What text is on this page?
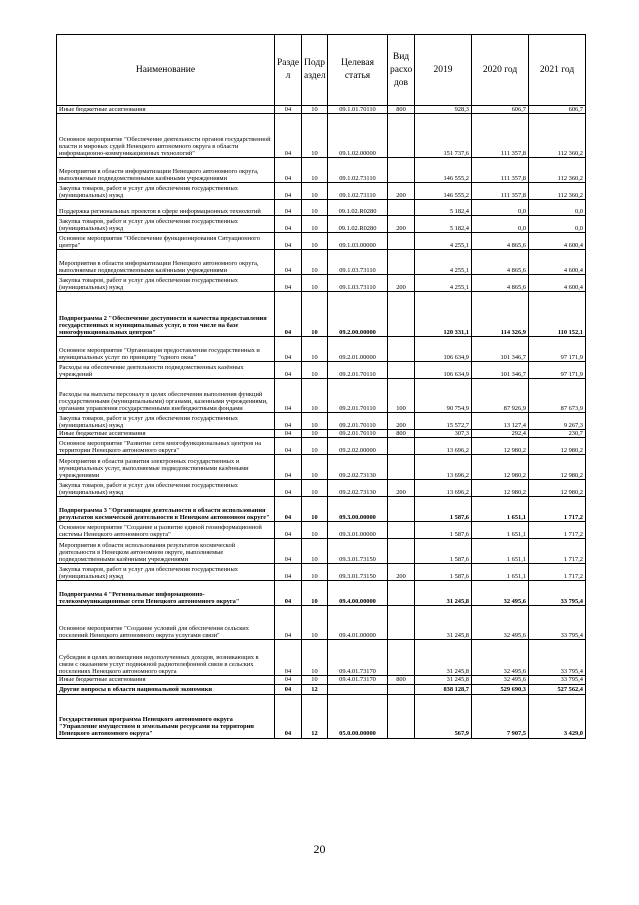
Наименование	Разде л	Подр аздел	Целевая статья	Вид расхо дов	2019	2020 год	2021 год
Иные бюджетные ассигнования	04	10	09.1.01.70110	800	928,3	606,7	606,7
Основное мероприятие "Обеспечение деятельности органов государственной власти и мировых судей Ненецкого автономного округа в области информационно-коммуникационных технологий"	04	10	09.1.02.00000		151 737,6	111 357,8	112 360,2
Мероприятия в области информатизации Ненецкого автономного округа, выполняемые подведомственными казёнными учреждениями	04	10	09.1.02.73110		146 555,2	111 357,8	112 360,2
Закупка товаров, работ и услуг для обеспечения государственных (муниципальных) нужд	04	10	09.1.02.73110	200	146 555,2	111 357,8	112 360,2
Поддержка региональных проектов в сфере информационных технологий	04	10	09.1.02.R0280		5 182,4	0,0	0,0
Закупка товаров, работ и услуг для обеспечения государственных (муниципальных) нужд	04	10	09.1.02.R0280	200	5 182,4	0,0	0,0
Основное мероприятие "Обеспечение функционирования Ситуационного центра"	04	10	09.1.03.00000		4 255,1	4 865,6	4 600,4
Мероприятия в области информатизации Ненецкого автономного округа, выполняемые подведомственными казёнными учреждениями	04	10	09.1.03.73110		4 255,1	4 865,6	4 600,4
Закупка товаров, работ и услуг для обеспечения государственных (муниципальных) нужд	04	10	09.1.03.73110	200	4 255,1	4 865,6	4 600,4
Подпрограмма 2 "Обеспечение доступности и качества предоставления государственных и муниципальных услуг, в том числе на базе многофункциональных центров"	04	10	09.2.00.00000		120 331,1	114 326,9	110 152,1
Основное мероприятие "Организация предоставления государственных и муниципальных услуг по принципу "одного окна"	04	10	09.2.01.00000		106 634,9	101 346,7	97 171,9
Расходы на обеспечение деятельности подведомственных казённых учреждений	04	10	09.2.01.70110		106 634,9	101 346,7	97 171,9
Расходы на выплаты персоналу в целях обеспечения выполнения функций государственными (муниципальными) органами, казенными учреждениями, органами управления государственными внебюджетными фондами	04	10	09.2.01.70110	100	90 754,9	87 926,9	87 673,9
Закупка товаров, работ и услуг для обеспечения государственных (муниципальных) нужд	04	10	09.2.01.70110	200	15 572,7	13 127,4	9 267,3
Иные бюджетные ассигнования	04	10	09.2.01.70110	800	307,3	292,4	230,7
Основное мероприятие "Развитие сети многофункциональных центров на территории Ненецкого автономного округа"	04	10	09.2.02.00000		13 696,2	12 980,2	12 980,2
Мероприятия в области развития электронных государственных и муниципальных услуг, выполняемые подведомственными казёнными учреждениями	04	10	09.2.02.73130		13 696,2	12 980,2	12 980,2
Закупка товаров, работ и услуг для обеспечения государственных (муниципальных) нужд	04	10	09.2.02.73130	200	13 696,2	12 980,2	12 980,2
Подпрограмма 3 "Организация деятельности в области использования результатов космической деятельности в Ненецком автономном округе"	04	10	09.3.00.00000		1 587,6	1 651,1	1 717,2
Основное мероприятие "Создание и развитие единой геоинформационной системы Ненецкого автономного округа"	04	10	09.3.01.00000		1 587,6	1 651,1	1 717,2
Мероприятия в области использования результатов космической деятельности в Ненецком автономном округе, выполняемые подведомственными казёнными учреждениями	04	10	09.3.01.73150		1 587,6	1 651,1	1 717,2
Закупка товаров, работ и услуг для обеспечения государственных (муниципальных) нужд	04	10	09.3.01.73150	200	1 587,6	1 651,1	1 717,2
Подпрограмма 4 "Региональные информационно-телекоммуникационные сети Ненецкого автономного округа"	04	10	09.4.00.00000		31 245,8	32 495,6	33 795,4
Основное мероприятие "Создание условий для обеспечения сельских поселений Ненецкого автономного округа услугами связи"	04	10	09.4.01.00000		31 245,8	32 495,6	33 795,4
Субсидии в целях возмещения недополученных доходов, возникающих в связи с оказанием услуг подвижной радиотелефонной связи в сельских поселениях Ненецкого автономного округа	04	10	09.4.01.73170		31 245,8	32 495,6	33 795,4
Иные бюджетные ассигнования	04	10	09.4.01.73170	800	31 245,8	32 495,6	33 795,4
Другие вопросы в области национальной экономики	04	12			838 128,7	529 690,3	527 562,4
Государственная программа Ненецкого автономного округа "Управление имуществом и земельными ресурсами на территории Ненецкого автономного округа"	04	12	05.0.00.00000		567,9	7 907,5	3 429,0
20
